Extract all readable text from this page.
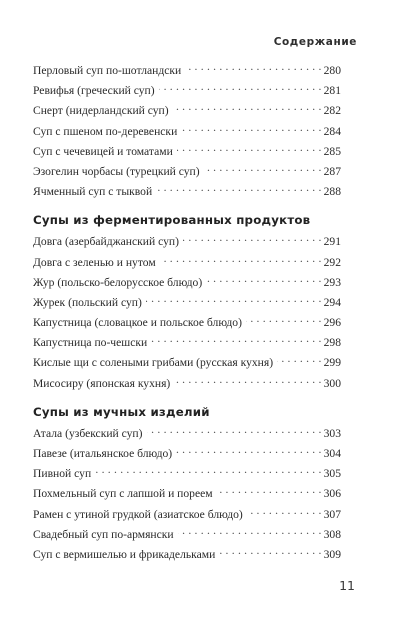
Содержание
Перловый суп по-шотландски . . .	280
Ревифья (греческий суп) . . .	281
Снерт (нидерландский суп) . . .	282
Суп с пшеном по-деревенски . . .	284
Суп с чечевицей и томатами . . .	285
Эзогелин чорбасы (турецкий суп) . . .	287
Ячменный суп с тыквой . . .	288
Супы из ферментированных продуктов
Довга (азербайджанский суп) . . .	291
Довга с зеленью и нутом . . .	292
Жур (польско-белорусское блюдо) . . .	293
Журек (польский суп) . . .	294
Капустница (словацкое и польское блюдо) . . .	296
Капустница по-чешски . . .	298
Кислые щи с солеными грибами (русская кухня) . . .	299
Мисосиру (японская кухня) . . .	300
Супы из мучных изделий
Атала (узбекский суп) . . .	303
Павезе (итальянское блюдо) . . .	304
Пивной суп . . .	305
Похмельный суп с лапшой и пореем . . .	306
Рамен с утиной грудкой (азиатское блюдо) . . .	307
Свадебный суп по-армянски . . .	308
Суп с вермишелью и фрикадельками . . .	309
11
